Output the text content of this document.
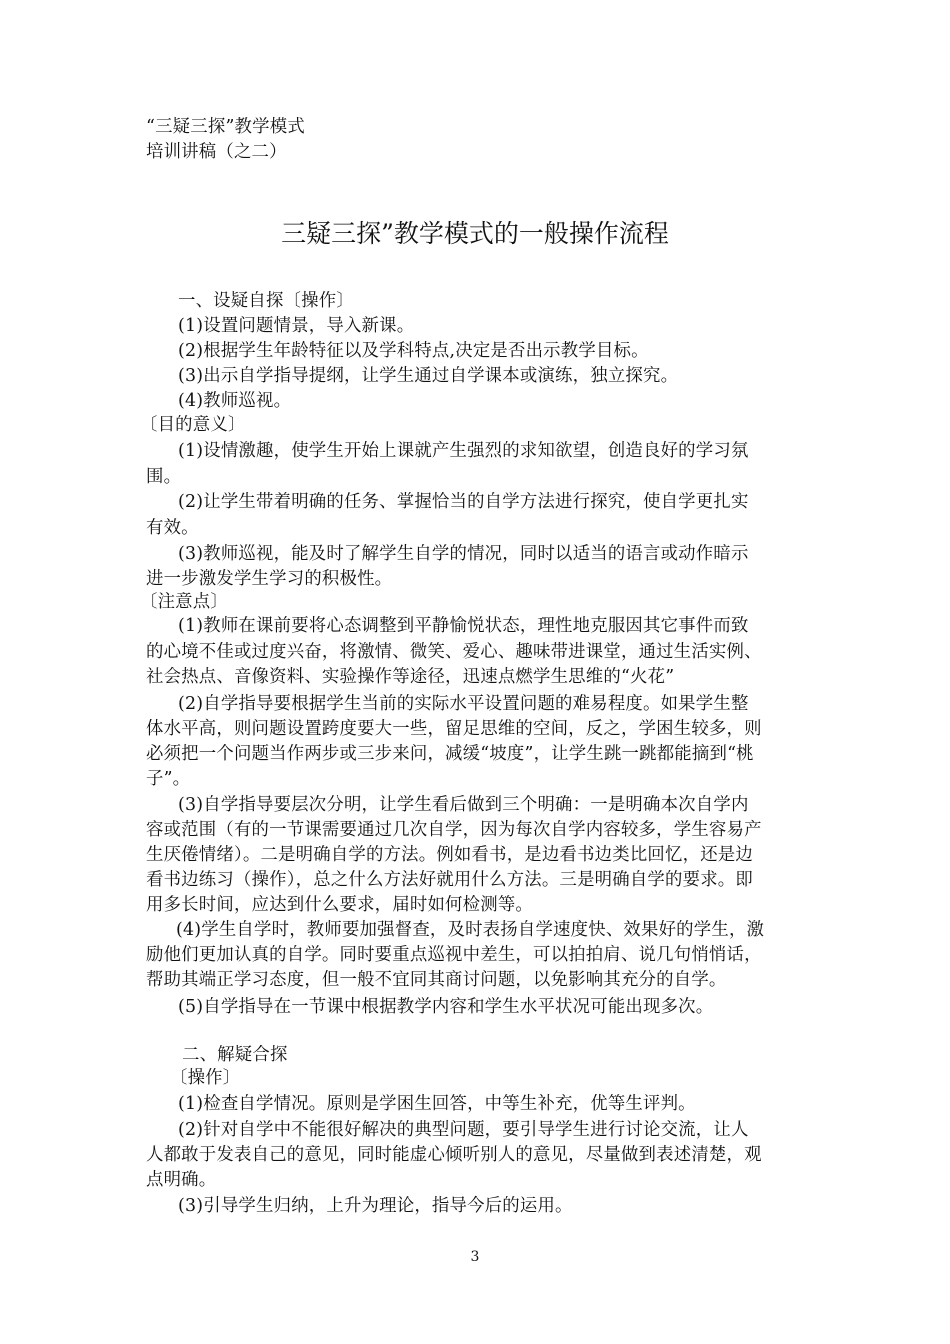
“三疑三探”教学模式
培训讲稿（之二）
三疑三探”教学模式的一般操作流程
一、设疑自探〔操作〕
(1)设置问题情景，导入新课。
(2)根据学生年龄特征以及学科特点,决定是否出示教学目标。
(3)出示自学指导提纲，让学生通过自学课本或演练，独立探究。
(4)教师巡视。
〔目的意义〕
(1)设情激趣，使学生开始上课就产生强烈的求知欲望，创造良好的学习氛
围。
(2)让学生带着明确的任务、掌握恰当的自学方法进行探究，使自学更扎实
有效。
(3)教师巡视，能及时了解学生自学的情况，同时以适当的语言或动作暗示
进一步激发学生学习的积极性。
〔注意点〕
(1)教师在课前要将心态调整到平静愉悦状态，理性地克服因其它事件而致
的心境不佳或过度兴奋，将激情、微笑、爱心、趣味带进课堂，通过生活实例、
社会热点、音像资料、实验操作等途径，迅速点燃学生思维的“火花”
(2)自学指导要根据学生当前的实际水平设置问题的难易程度。如果学生整
体水平高，则问题设置跨度要大一些，留足思维的空间，反之，学困生较多，则
必须把一个问题当作两步或三步来问，减缓“坡度”，让学生跳一跳都能摘到“桃
子”。
(3)自学指导要层次分明，让学生看后做到三个明确：一是明确本次自学内
容或范围（有的一节课需要通过几次自学，因为每次自学内容较多，学生容易产
生厌倦情绪）。二是明确自学的方法。例如看书，是边看书边类比回忆，还是边
看书边练习（操作），总之什么方法好就用什么方法。三是明确自学的要求。即
用多长时间，应达到什么要求，届时如何检测等。
(4)学生自学时，教师要加强督查，及时表扬自学速度快、效果好的学生，激
励他们更加认真的自学。同时要重点巡视中差生，可以拍拍肩、说几句悄悄话，
帮助其端正学习态度，但一般不宜同其商讨问题，以免影响其充分的自学。
(5)自学指导在一节课中根据教学内容和学生水平状况可能出现多次。
二、解疑合探
〔操作〕
(1)检查自学情况。原则是学困生回答，中等生补充，优等生评判。
(2)针对自学中不能很好解决的典型问题，要引导学生进行讨论交流，让人
人都敢于发表自己的意见，同时能虚心倾听别人的意见，尽量做到表述清楚，观
点明确。
(3)引导学生归纳，上升为理论，指导今后的运用。
3
